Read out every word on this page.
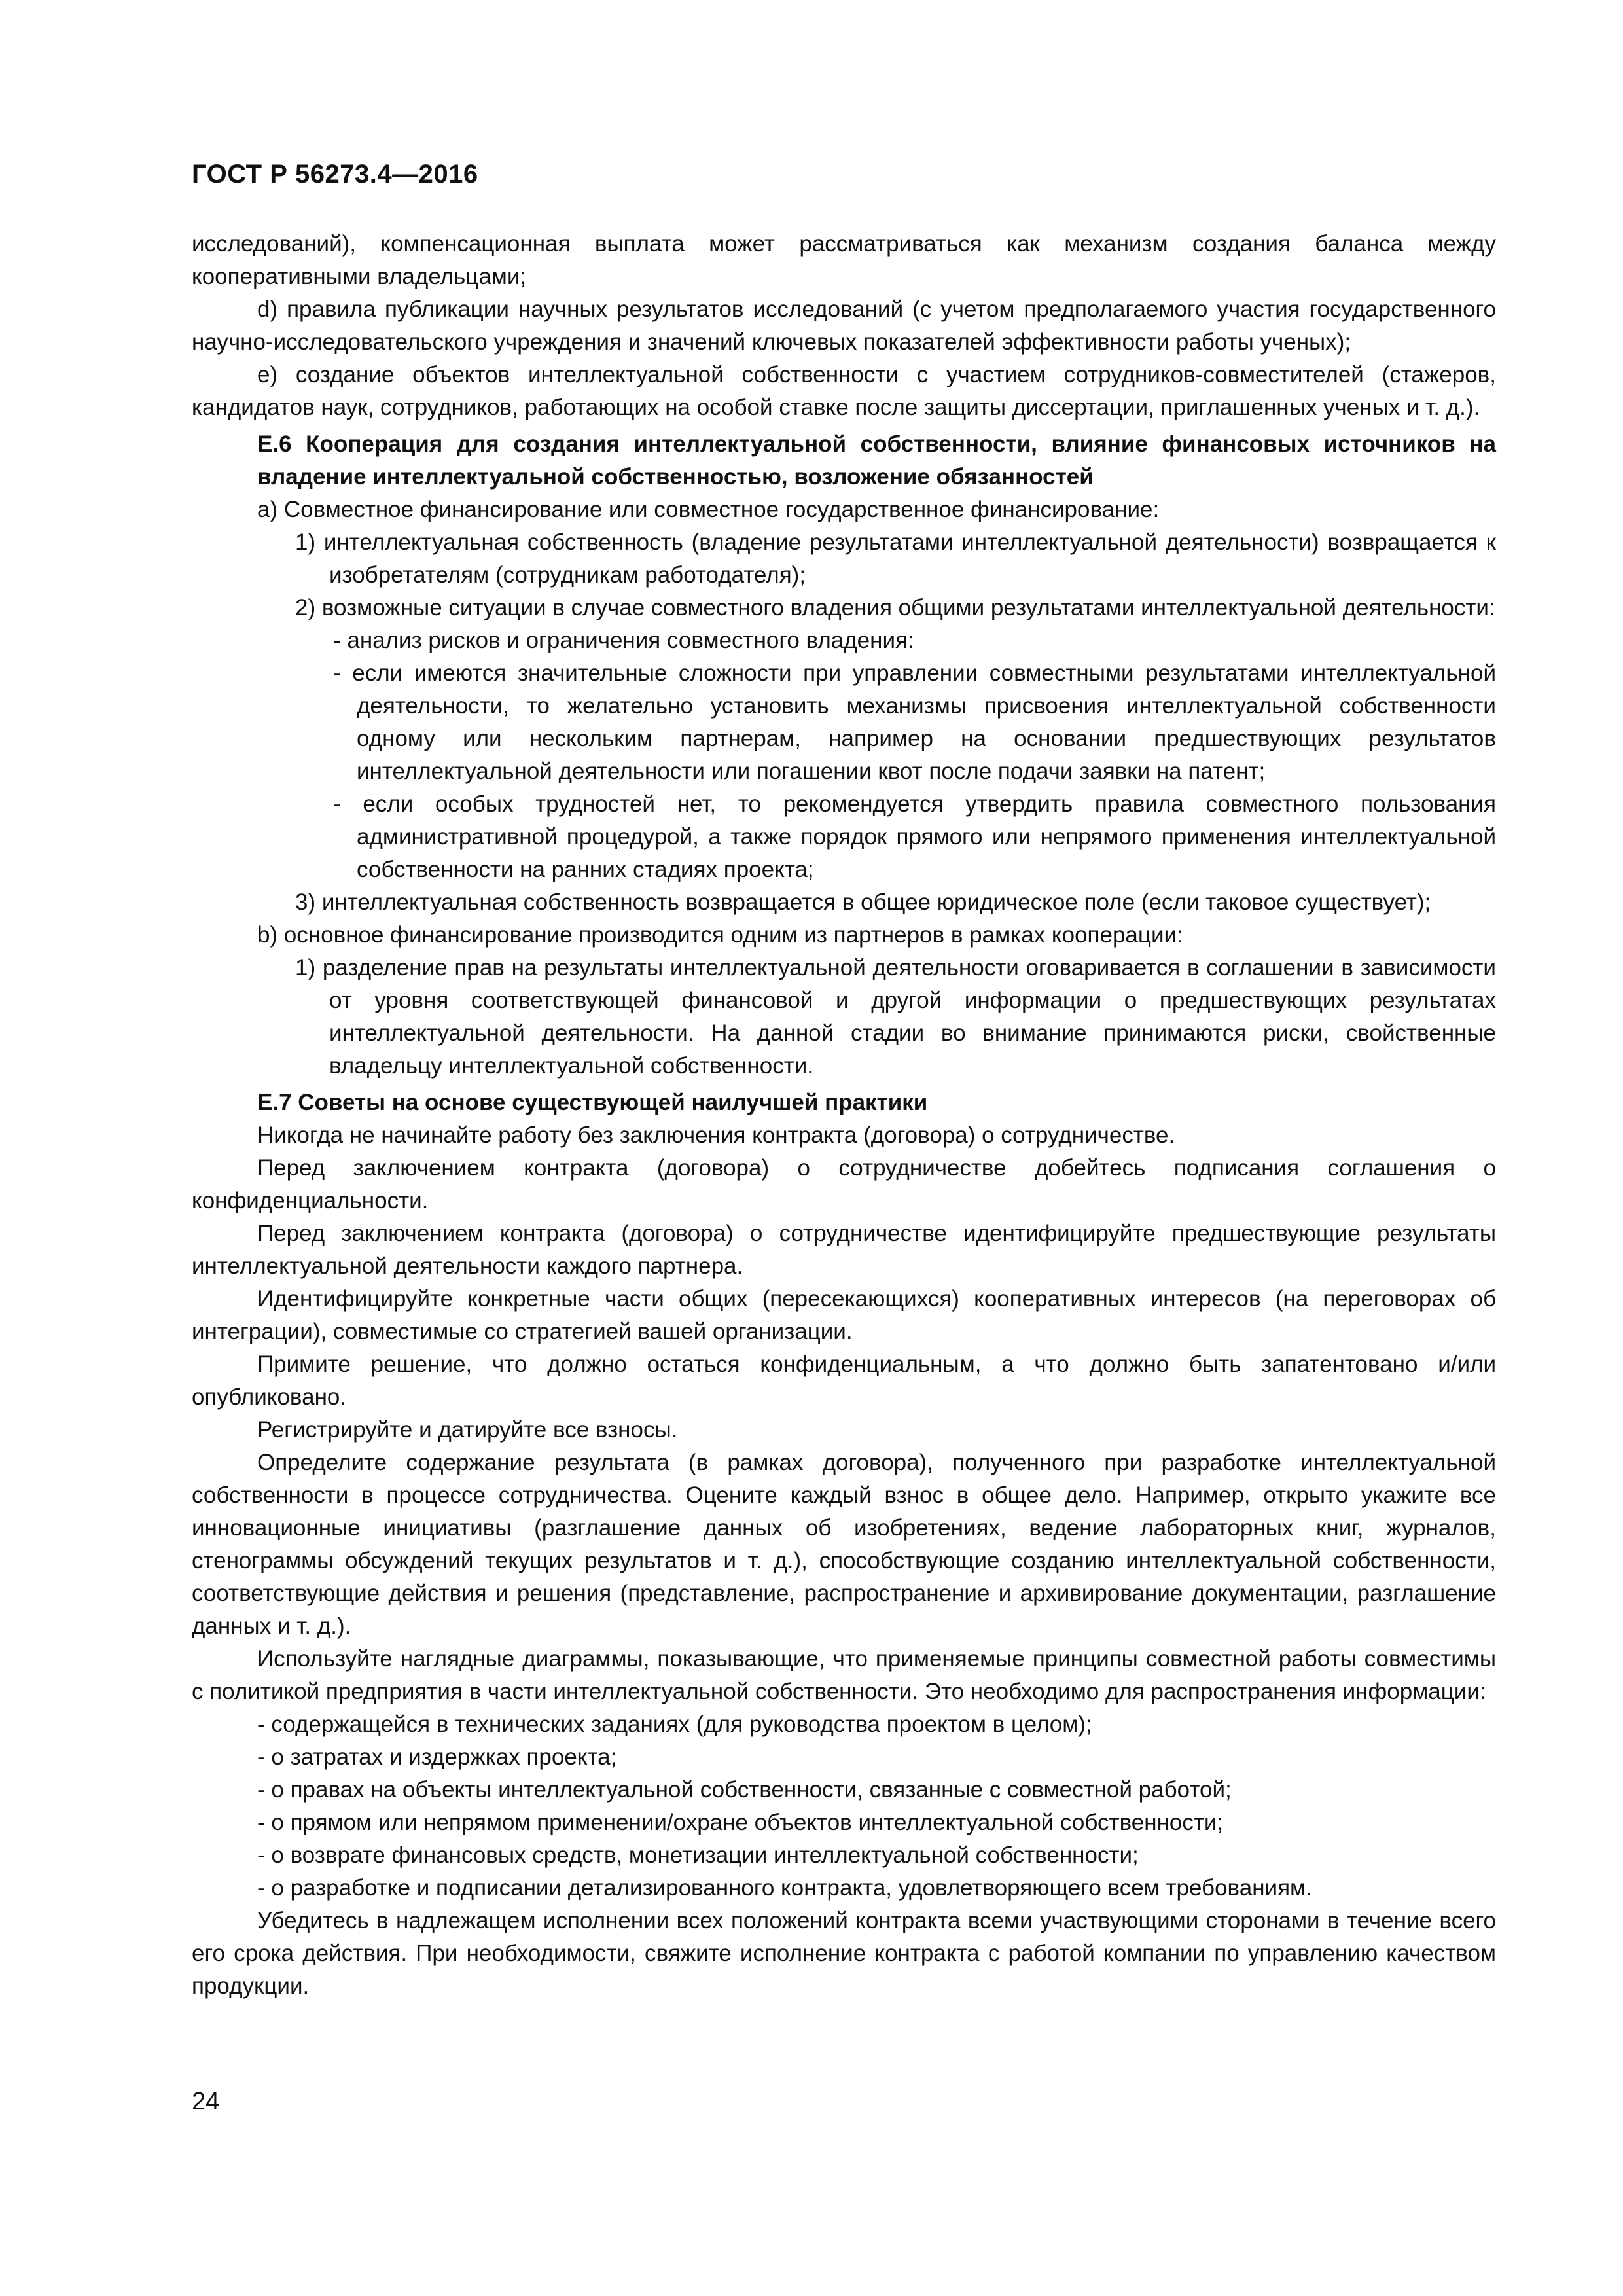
ГОСТ Р 56273.4—2016

исследований), компенсационная выплата может рассматриваться как механизм создания баланса между кооперативными владельцами;

d) правила публикации научных результатов исследований (с учетом предполагаемого участия государственного научно-исследовательского учреждения и значений ключевых показателей эффективности работы ученых);

e) создание объектов интеллектуальной собственности с участием сотрудников-совместителей (стажеров, кандидатов наук, сотрудников, работающих на особой ставке после защиты диссертации, приглашенных ученых и т. д.).

Е.6 Кооперация для создания интеллектуальной собственности, влияние финансовых источников на владение интеллектуальной собственностью, возложение обязанностей

a) Совместное финансирование или совместное государственное финансирование:

1) интеллектуальная собственность (владение результатами интеллектуальной деятельности) возвращается к изобретателям (сотрудникам работодателя);

2) возможные ситуации в случае совместного владения общими результатами интеллектуальной деятельности:

- анализ рисков и ограничения совместного владения:

- если имеются значительные сложности при управлении совместными результатами интеллектуальной деятельности, то желательно установить механизмы присвоения интеллектуальной собственности одному или нескольким партнерам, например на основании предшествующих результатов интеллектуальной деятельности или погашении квот после подачи заявки на патент;

- если особых трудностей нет, то рекомендуется утвердить правила совместного пользования административной процедурой, а также порядок прямого или непрямого применения интеллектуальной собственности на ранних стадиях проекта;

3) интеллектуальная собственность возвращается в общее юридическое поле (если таковое существует);

b) основное финансирование производится одним из партнеров в рамках кооперации:

1) разделение прав на результаты интеллектуальной деятельности оговаривается в соглашении в зависимости от уровня соответствующей финансовой и другой информации о предшествующих результатах интеллектуальной деятельности. На данной стадии во внимание принимаются риски, свойственные владельцу интеллектуальной собственности.

Е.7 Советы на основе существующей наилучшей практики

Никогда не начинайте работу без заключения контракта (договора) о сотрудничестве.

Перед заключением контракта (договора) о сотрудничестве добейтесь подписания соглашения о конфиденциальности.

Перед заключением контракта (договора) о сотрудничестве идентифицируйте предшествующие результаты интеллектуальной деятельности каждого партнера.

Идентифицируйте конкретные части общих (пересекающихся) кооперативных интересов (на переговорах об интеграции), совместимые со стратегией вашей организации.

Примите решение, что должно остаться конфиденциальным, а что должно быть запатентовано и/или опубликовано.

Регистрируйте и датируйте все взносы.

Определите содержание результата (в рамках договора), полученного при разработке интеллектуальной собственности в процессе сотрудничества. Оцените каждый взнос в общее дело. Например, открыто укажите все инновационные инициативы (разглашение данных об изобретениях, ведение лабораторных книг, журналов, стенограммы обсуждений текущих результатов и т. д.), способствующие созданию интеллектуальной собственности, соответствующие действия и решения (представление, распространение и архивирование документации, разглашение данных и т. д.).

Используйте наглядные диаграммы, показывающие, что применяемые принципы совместной работы совместимы с политикой предприятия в части интеллектуальной собственности. Это необходимо для распространения информации:

- содержащейся в технических заданиях (для руководства проектом в целом);

- о затратах и издержках проекта;

- о правах на объекты интеллектуальной собственности, связанные с совместной работой;

- о прямом или непрямом применении/охране объектов интеллектуальной собственности;

- о возврате финансовых средств, монетизации интеллектуальной собственности;

- о разработке и подписании детализированного контракта, удовлетворяющего всем требованиям.

Убедитесь в надлежащем исполнении всех положений контракта всеми участвующими сторонами в течение всего его срока действия. При необходимости, свяжите исполнение контракта с работой компании по управлению качеством продукции.

24
